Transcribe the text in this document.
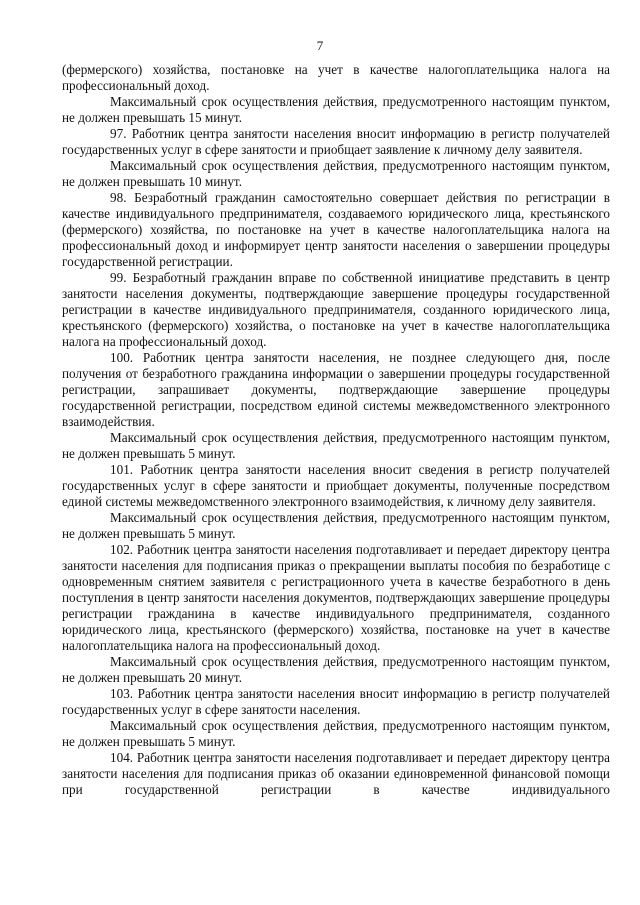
7

(фермерского) хозяйства, постановке на учет в качестве налогоплательщика налога на профессиональный доход.

Максимальный срок осуществления действия, предусмотренного настоящим пунктом, не должен превышать 15 минут.

97. Работник центра занятости населения вносит информацию в регистр получателей государственных услуг в сфере занятости и приобщает заявление к личному делу заявителя.

Максимальный срок осуществления действия, предусмотренного настоящим пунктом, не должен превышать 10 минут.

98. Безработный гражданин самостоятельно совершает действия по регистрации в качестве индивидуального предпринимателя, создаваемого юридического лица, крестьянского (фермерского) хозяйства, по постановке на учет в качестве налогоплательщика налога на профессиональный доход и информирует центр занятости населения о завершении процедуры государственной регистрации.

99. Безработный гражданин вправе по собственной инициативе представить в центр занятости населения документы, подтверждающие завершение процедуры государственной регистрации в качестве индивидуального предпринимателя, созданного юридического лица, крестьянского (фермерского) хозяйства, о постановке на учет в качестве налогоплательщика налога на профессиональный доход.

100. Работник центра занятости населения, не позднее следующего дня, после получения от безработного гражданина информации о завершении процедуры государственной регистрации, запрашивает документы, подтверждающие завершение процедуры государственной регистрации, посредством единой системы межведомственного электронного взаимодействия.

Максимальный срок осуществления действия, предусмотренного настоящим пунктом, не должен превышать 5 минут.

101. Работник центра занятости населения вносит сведения в регистр получателей государственных услуг в сфере занятости и приобщает документы, полученные посредством единой системы межведомственного электронного взаимодействия, к личному делу заявителя.

Максимальный срок осуществления действия, предусмотренного настоящим пунктом, не должен превышать 5 минут.

102. Работник центра занятости населения подготавливает и передает директору центра занятости населения для подписания приказ о прекращении выплаты пособия по безработице с одновременным снятием заявителя с регистрационного учета в качестве безработного в день поступления в центр занятости населения документов, подтверждающих завершение процедуры регистрации гражданина в качестве индивидуального предпринимателя, созданного юридического лица, крестьянского (фермерского) хозяйства, постановке на учет в качестве налогоплательщика налога на профессиональный доход.

Максимальный срок осуществления действия, предусмотренного настоящим пунктом, не должен превышать 20 минут.

103. Работник центра занятости населения вносит информацию в регистр получателей государственных услуг в сфере занятости населения.

Максимальный срок осуществления действия, предусмотренного настоящим пунктом, не должен превышать 5 минут.

104. Работник центра занятости населения подготавливает и передает директору центра занятости населения для подписания приказ об оказании единовременной финансовой помощи при государственной регистрации в качестве индивидуального
